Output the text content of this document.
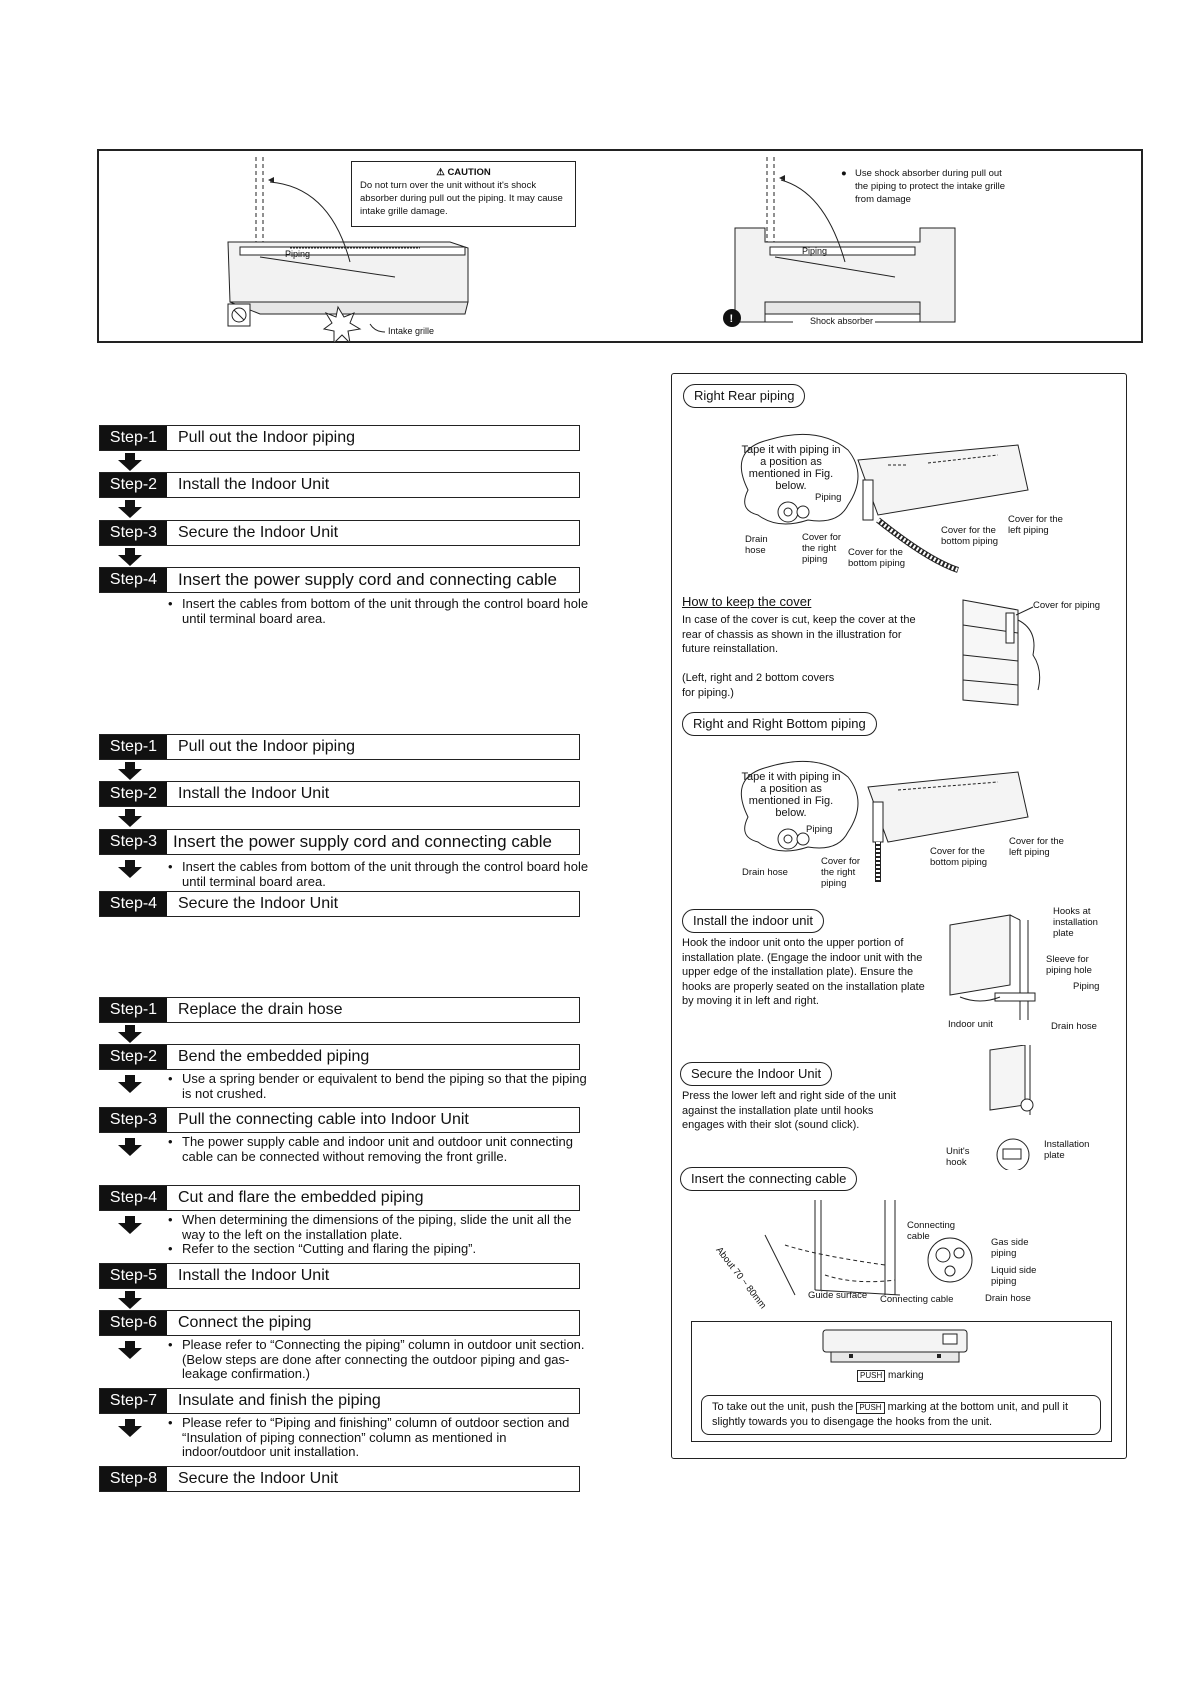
Piping
Intake grille
⚠ CAUTION
Do not turn over the unit without it's shock absorber during pull out the piping. It may cause intake grille damage.
!
Piping
Shock absorber
● Use shock absorber during pull out the piping to protect the intake grille from damage
Step-1	Pull out the Indoor piping
Step-2	Install the Indoor Unit
Step-3	Secure the Indoor Unit
Step-4	Insert the power supply cord and connecting cable
• Insert the cables from bottom of the unit through the control board hole until terminal board area.
Step-1	Pull out the Indoor piping
Step-2	Install the Indoor Unit
Step-3 Insert the power supply cord and connecting cable
• Insert the cables from bottom of the unit through the control board hole until terminal board area.
Step-4	Secure the Indoor Unit
Step-1	Replace the drain hose
Step-2	Bend the embedded piping
• Use a spring bender or equivalent to bend the piping so that the piping is not crushed.
Step-3	Pull the connecting cable into Indoor Unit
• The power supply cable and indoor unit and outdoor unit connecting cable can be connected without removing the front grille.
Step-4	Cut and flare the embedded piping
• When determining the dimensions of the piping, slide the unit all the way to the left on the installation plate.
• Refer to the section “Cutting and flaring the piping”.
Step-5	Install the Indoor Unit
Step-6	Connect the piping
• Please refer to “Connecting the piping” column in outdoor unit section. (Below steps are done after connecting the outdoor piping and gas-leakage confirmation.)
Step-7	Insulate and finish the piping
• Please refer to “Piping and finishing” column of outdoor section and “Insulation of piping connection” column as mentioned in indoor/outdoor unit installation.
Step-8	Secure the Indoor Unit
Right Rear piping
Tape it with piping in a position as mentioned in Fig. below.
Piping
Drain hose
Cover for the right piping
Cover for the bottom piping
Cover for the bottom piping
Cover for the left piping
How to keep the cover
In case of the cover is cut, keep the cover at the rear of chassis as shown in the illustration for future reinstallation.
(Left, right and 2 bottom covers for piping.)
Cover for piping
Right and Right Bottom piping
Tape it with piping in a position as mentioned in Fig. below.
Piping
Drain hose
Cover for the right piping
Cover for the bottom piping
Cover for the left piping
Install the indoor unit
Hook the indoor unit onto the upper portion of installation plate. (Engage the indoor unit with the upper edge of the installation plate). Ensure the hooks are properly seated on the installation plate by moving it in left and right.
Hooks at installation plate
Sleeve for piping hole
Piping
Indoor unit	Drain hose
Secure the Indoor Unit
Press the lower left and right side of the unit against the installation plate until hooks engages with their slot (sound click).
Unit's hook
Installation plate
Insert the connecting cable
Connecting cable
About 70 ~ 80mm
Gas side piping
Liquid side piping
Guide surface Connecting cable	Drain hose
PUSH marking
To take out the unit, push the PUSH marking at the bottom unit, and pull it slightly towards you to disengage the hooks from the unit.
